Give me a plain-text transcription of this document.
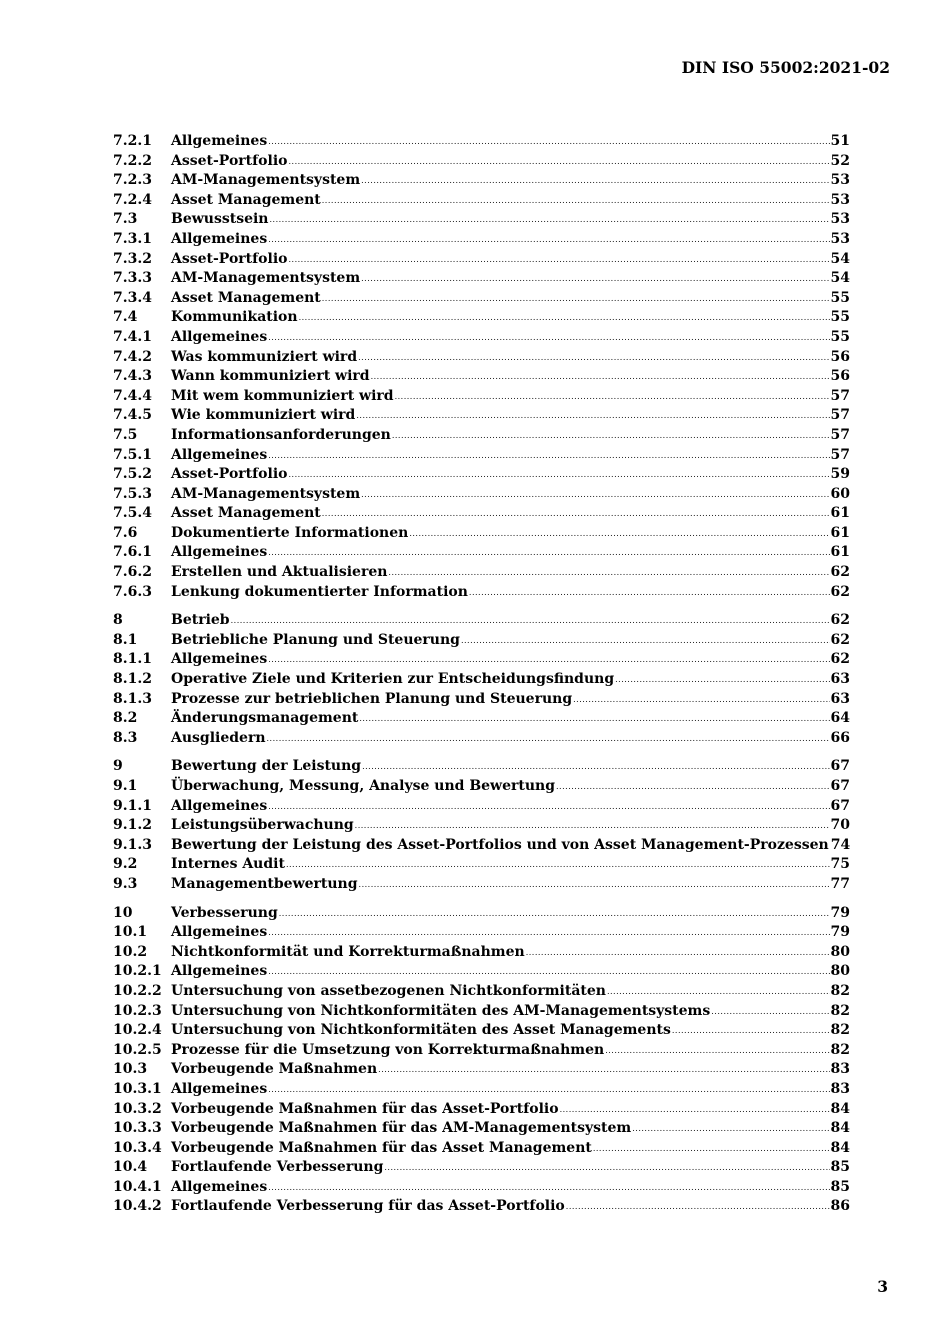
DIN ISO 55002:2021-02
7.2.1	Allgemeines .....	51
7.2.2	Asset-Portfolio .....	52
7.2.3	AM-Managementsystem .....	53
7.2.4	Asset Management .....	53
7.3	Bewusstsein .....	53
7.3.1	Allgemeines .....	53
7.3.2	Asset-Portfolio .....	54
7.3.3	AM-Managementsystem .....	54
7.3.4	Asset Management .....	55
7.4	Kommunikation .....	55
7.4.1	Allgemeines .....	55
7.4.2	Was kommuniziert wird .....	56
7.4.3	Wann kommuniziert wird .....	56
7.4.4	Mit wem kommuniziert wird .....	57
7.4.5	Wie kommuniziert wird .....	57
7.5	Informationsanforderungen .....	57
7.5.1	Allgemeines .....	57
7.5.2	Asset-Portfolio .....	59
7.5.3	AM-Managementsystem .....	60
7.5.4	Asset Management .....	61
7.6	Dokumentierte Informationen .....	61
7.6.1	Allgemeines .....	61
7.6.2	Erstellen und Aktualisieren .....	62
7.6.3	Lenkung dokumentierter Information .....	62
8	Betrieb .....	62
8.1	Betriebliche Planung und Steuerung .....	62
8.1.1	Allgemeines .....	62
8.1.2	Operative Ziele und Kriterien zur Entscheidungsfindung .....	63
8.1.3	Prozesse zur betrieblichen Planung und Steuerung .....	63
8.2	Änderungsmanagement .....	64
8.3	Ausgliedern .....	66
9	Bewertung der Leistung .....	67
9.1	Überwachung, Messung, Analyse und Bewertung .....	67
9.1.1	Allgemeines .....	67
9.1.2	Leistungsüberwachung .....	70
9.1.3	Bewertung der Leistung des Asset-Portfolios und von Asset Management-Prozessen 74
9.2	Internes Audit .....	75
9.3	Managementbewertung .....	77
10	Verbesserung .....	79
10.1	Allgemeines .....	79
10.2	Nichtkonformität und Korrekturmaßnahmen .....	80
10.2.1 Allgemeines .....	80
10.2.2 Untersuchung von assetbezogenen Nichtkonformitäten .....	82
10.2.3 Untersuchung von Nichtkonformitäten des AM-Managementsystems .....	82
10.2.4 Untersuchung von Nichtkonformitäten des Asset Managements .....	82
10.2.5 Prozesse für die Umsetzung von Korrekturmaßnahmen .....	82
10.3	Vorbeugende Maßnahmen .....	83
10.3.1 Allgemeines .....	83
10.3.2 Vorbeugende Maßnahmen für das Asset-Portfolio .....	84
10.3.3 Vorbeugende Maßnahmen für das AM-Managementsystem .....	84
10.3.4 Vorbeugende Maßnahmen für das Asset Management .....	84
10.4	Fortlaufende Verbesserung .....	85
10.4.1 Allgemeines .....	85
10.4.2 Fortlaufende Verbesserung für das Asset-Portfolio .....	86
3
